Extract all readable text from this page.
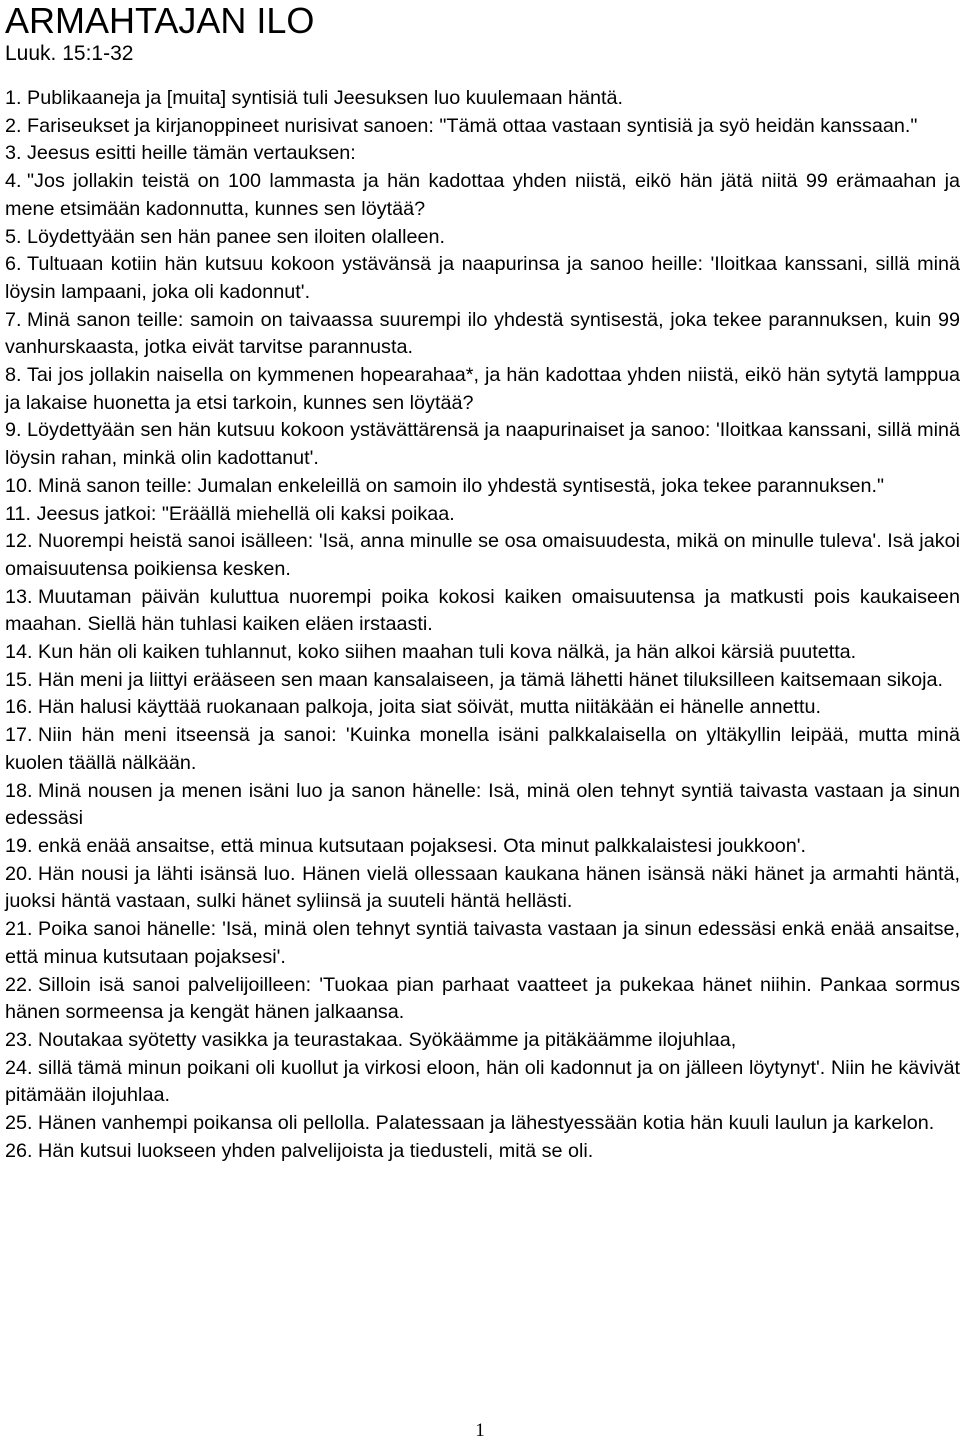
ARMAHTAJAN ILO
Luuk. 15:1-32

1. Publikaaneja ja [muita] syntisiä tuli Jeesuksen luo kuulemaan häntä.

2. Fariseukset ja kirjanoppineet nurisivat sanoen: "Tämä ottaa vastaan syntisiä ja syö heidän kanssaan."

3. Jeesus esitti heille tämän vertauksen:

4. "Jos jollakin teistä on 100 lammasta ja hän kadottaa yhden niistä, eikö hän jätä niitä 99 erämaahan ja mene etsimään kadonnutta, kunnes sen löytää?

5. Löydettyään sen hän panee sen iloiten olalleen.

6. Tultuaan kotiin hän kutsuu kokoon ystävänsä ja naapurinsa ja sanoo heille: 'Iloitkaa kanssani, sillä minä löysin lampaani, joka oli kadonnut'.

7. Minä sanon teille: samoin on taivaassa suurempi ilo yhdestä syntisestä, joka tekee parannuksen, kuin 99 vanhurskaasta, jotka eivät tarvitse parannusta.

8. Tai jos jollakin naisella on kymmenen hopearahaa*, ja hän kadottaa yhden niistä, eikö hän sytytä lamppua ja lakaise huonetta ja etsi tarkoin, kunnes sen löytää?

9. Löydettyään sen hän kutsuu kokoon ystävättärensä ja naapurinaiset ja sanoo: 'Iloitkaa kanssani, sillä minä löysin rahan, minkä olin kadottanut'.

10. Minä sanon teille: Jumalan enkeleillä on samoin ilo yhdestä syntisestä, joka tekee parannuksen."

11. Jeesus jatkoi: "Eräällä miehellä oli kaksi poikaa.

12. Nuorempi heistä sanoi isälleen: 'Isä, anna minulle se osa omaisuudesta, mikä on minulle tuleva'. Isä jakoi omaisuutensa poikiensa kesken.

13. Muutaman päivän kuluttua nuorempi poika kokosi kaiken omaisuutensa ja matkusti pois kaukaiseen maahan. Siellä hän tuhlasi kaiken eläen irstaasti.

14. Kun hän oli kaiken tuhlannut, koko siihen maahan tuli kova nälkä, ja hän alkoi kärsiä puutetta.

15. Hän meni ja liittyi erääseen sen maan kansalaiseen, ja tämä lähetti hänet tiluksilleen kaitsemaan sikoja.

16. Hän halusi käyttää ruokanaan palkoja, joita siat söivät, mutta niitäkään ei hänelle annettu.

17. Niin hän meni itseensä ja sanoi: 'Kuinka monella isäni palkkalaisella on yltäkyllin leipää, mutta minä kuolen täällä nälkään.

18. Minä nousen ja menen isäni luo ja sanon hänelle: Isä, minä olen tehnyt syntiä taivasta vastaan ja sinun edessäsi

19. enkä enää ansaitse, että minua kutsutaan pojaksesi. Ota minut palkkalaistesi joukkoon'.

20. Hän nousi ja lähti isänsä luo. Hänen vielä ollessaan kaukana hänen isänsä näki hänet ja armahti häntä, juoksi häntä vastaan, sulki hänet syliinsä ja suuteli häntä hellästi.

21. Poika sanoi hänelle: 'Isä, minä olen tehnyt syntiä taivasta vastaan ja sinun edessäsi enkä enää ansaitse, että minua kutsutaan pojaksesi'.

22. Silloin isä sanoi palvelijoilleen: 'Tuokaa pian parhaat vaatteet ja pukekaa hänet niihin. Pankaa sormus hänen sormeensa ja kengät hänen jalkaansa.

23. Noutakaa syötetty vasikka ja teurastakaa. Syökäämme ja pitäkäämme ilojuhlaa,

24. sillä tämä minun poikani oli kuollut ja virkosi eloon, hän oli kadonnut ja on jälleen löytynyt'. Niin he kävivät pitämään ilojuhlaa.

25. Hänen vanhempi poikansa oli pellolla. Palatessaan ja lähestyessään kotia hän kuuli laulun ja karkelon.

26. Hän kutsui luokseen yhden palvelijoista ja tiedusteli, mitä se oli.

1
